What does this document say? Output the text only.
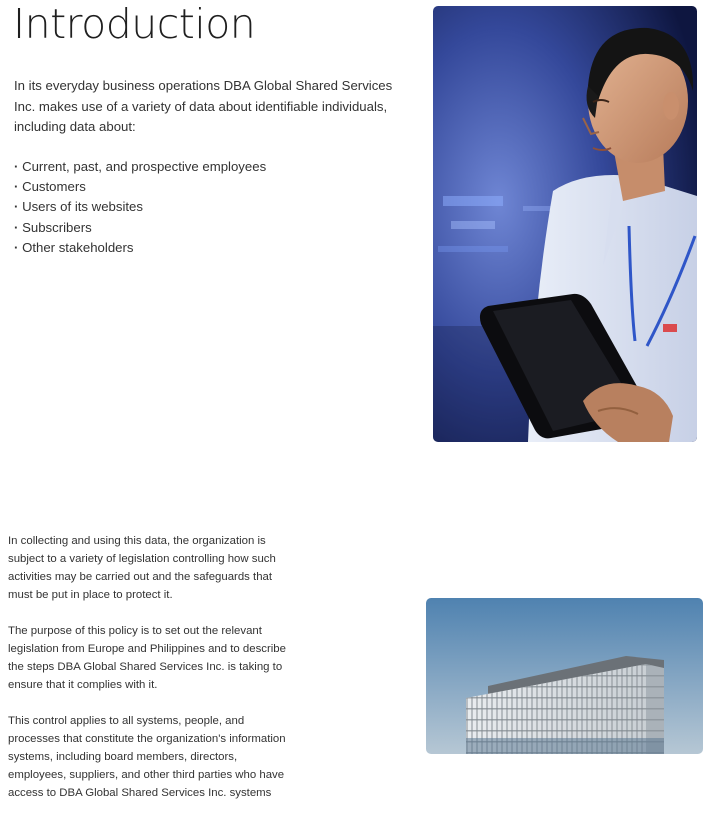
Introduction

In its everyday business operations DBA Global Shared Services Inc. makes use of a variety of data about identifiable individuals, including data about:

· Current, past, and prospective employees
· Customers
· Users of its websites
· Subscribers
· Other stakeholders

In collecting and using this data, the organization is subject to a variety of legislation controlling how such activities may be carried out and the safeguards that must be put in place to protect it.

The purpose of this policy is to set out the relevant legislation from Europe and Philippines and to describe the steps DBA Global Shared Services Inc. is taking to ensure that it complies with it.

This control applies to all systems, people, and processes that constitute the organization's information systems, including board members, directors, employees, suppliers, and other third parties who have access to DBA Global Shared Services Inc. systems
